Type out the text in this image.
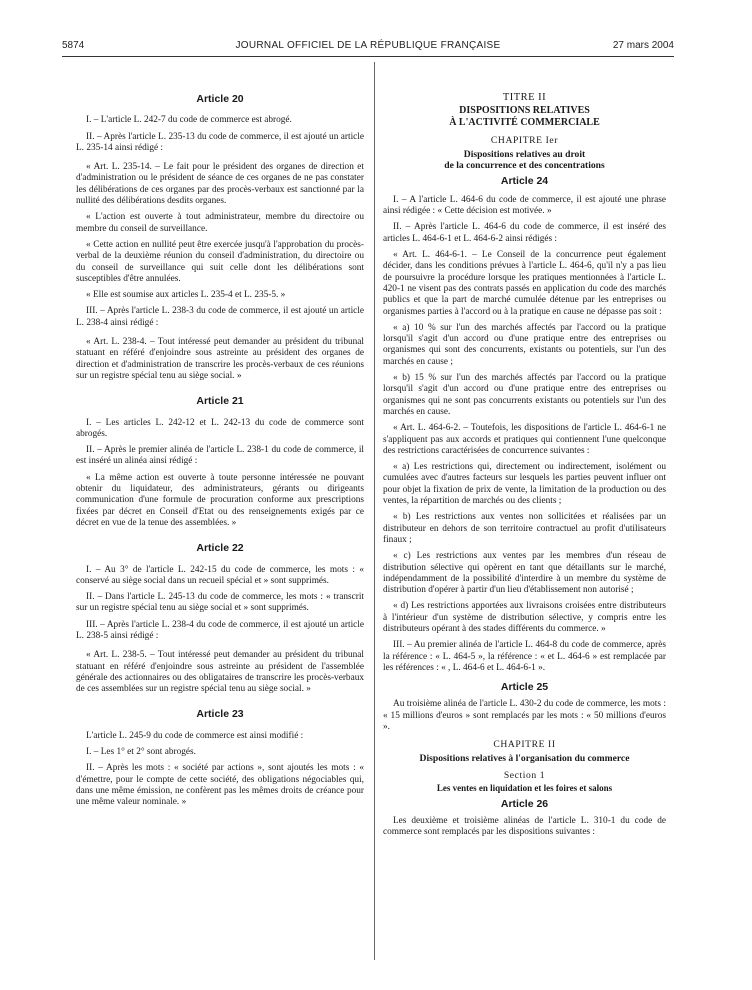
5874	JOURNAL OFFICIEL DE LA RÉPUBLIQUE FRANÇAISE	27 mars 2004
Article 20

I. – L'article L. 242-7 du code de commerce est abrogé.

II. – Après l'article L. 235-13 du code de commerce, il est ajouté un article L. 235-14 ainsi rédigé :

« Art. L. 235-14. – Le fait pour le président des organes de direction et d'administration ou le président de séance de ces organes de ne pas constater les délibérations de ces organes par des procès-verbaux est sanctionné par la nullité des délibérations desdits organes.

« L'action est ouverte à tout administrateur, membre du directoire ou membre du conseil de surveillance.

« Cette action en nullité peut être exercée jusqu'à l'approbation du procès-verbal de la deuxième réunion du conseil d'administration, du directoire ou du conseil de surveillance qui suit celle dont les délibérations sont susceptibles d'être annulées.

« Elle est soumise aux articles L. 235-4 et L. 235-5. »

III. – Après l'article L. 238-3 du code de commerce, il est ajouté un article L. 238-4 ainsi rédigé :

« Art. L. 238-4. – Tout intéressé peut demander au président du tribunal statuant en référé d'enjoindre sous astreinte au président des organes de direction et d'administration de transcrire les procès-verbaux de ces réunions sur un registre spécial tenu au siège social. »

Article 21

I. – Les articles L. 242-12 et L. 242-13 du code de commerce sont abrogés.

II. – Après le premier alinéa de l'article L. 238-1 du code de commerce, il est inséré un alinéa ainsi rédigé :

« La même action est ouverte à toute personne intéressée ne pouvant obtenir du liquidateur, des administrateurs, gérants ou dirigeants communication d'une formule de procuration conforme aux prescriptions fixées par décret en Conseil d'Etat ou des renseignements exigés par ce décret en vue de la tenue des assemblées. »

Article 22

I. – Au 3° de l'article L. 242-15 du code de commerce, les mots : « conservé au siège social dans un recueil spécial et » sont supprimés.

II. – Dans l'article L. 245-13 du code de commerce, les mots : « transcrit sur un registre spécial tenu au siège social et » sont supprimés.

III. – Après l'article L. 238-4 du code de commerce, il est ajouté un article L. 238-5 ainsi rédigé :

« Art. L. 238-5. – Tout intéressé peut demander au président du tribunal statuant en référé d'enjoindre sous astreinte au président de l'assemblée générale des actionnaires ou des obligataires de transcrire les procès-verbaux de ces assemblées sur un registre spécial tenu au siège social. »

Article 23

L'article L. 245-9 du code de commerce est ainsi modifié :

I. – Les 1° et 2° sont abrogés.

II. – Après les mots : « société par actions », sont ajoutés les mots : « d'émettre, pour le compte de cette société, des obligations négociables qui, dans une même émission, ne confèrent pas les mêmes droits de créance pour une même valeur nominale. »

TITRE II
DISPOSITIONS RELATIVES
À L'ACTIVITÉ COMMERCIALE
CHAPITRE Ier
Dispositions relatives au droit
de la concurrence et des concentrations
Article 24

I. – A l'article L. 464-6 du code de commerce, il est ajouté une phrase ainsi rédigée : « Cette décision est motivée. »

II. – Après l'article L. 464-6 du code de commerce, il est inséré des articles L. 464-6-1 et L. 464-6-2 ainsi rédigés :

« Art. L. 464-6-1. – Le Conseil de la concurrence peut également décider, dans les conditions prévues à l'article L. 464-6, qu'il n'y a pas lieu de poursuivre la procédure lorsque les pratiques mentionnées à l'article L. 420-1 ne visent pas des contrats passés en application du code des marchés publics et que la part de marché cumulée détenue par les entreprises ou organismes parties à l'accord ou à la pratique en cause ne dépasse pas soit :

« a) 10 % sur l'un des marchés affectés par l'accord ou la pratique lorsqu'il s'agit d'un accord ou d'une pratique entre des entreprises ou organismes qui sont des concurrents, existants ou potentiels, sur l'un des marchés en cause ;

« b) 15 % sur l'un des marchés affectés par l'accord ou la pratique lorsqu'il s'agit d'un accord ou d'une pratique entre des entreprises ou organismes qui ne sont pas concurrents existants ou potentiels sur l'un des marchés en cause.

« Art. L. 464-6-2. – Toutefois, les dispositions de l'article L. 464-6-1 ne s'appliquent pas aux accords et pratiques qui contiennent l'une quelconque des restrictions caractérisées de concurrence suivantes :

« a) Les restrictions qui, directement ou indirectement, isolément ou cumulées avec d'autres facteurs sur lesquels les parties peuvent influer ont pour objet la fixation de prix de vente, la limitation de la production ou des ventes, la répartition de marchés ou des clients ;

« b) Les restrictions aux ventes non sollicitées et réalisées par un distributeur en dehors de son territoire contractuel au profit d'utilisateurs finaux ;

« c) Les restrictions aux ventes par les membres d'un réseau de distribution sélective qui opèrent en tant que détaillants sur le marché, indépendamment de la possibilité d'interdire à un membre du système de distribution d'opérer à partir d'un lieu d'établissement non autorisé ;

« d) Les restrictions apportées aux livraisons croisées entre distributeurs à l'intérieur d'un système de distribution sélective, y compris entre les distributeurs opérant à des stades différents du commerce. »

III. – Au premier alinéa de l'article L. 464-8 du code de commerce, après la référence : « L. 464-5 », la référence : « et L. 464-6 » est remplacée par les références : « , L. 464-6 et L. 464-6-1 ».

Article 25

Au troisième alinéa de l'article L. 430-2 du code de commerce, les mots : « 15 millions d'euros » sont remplacés par les mots : « 50 millions d'euros ».

CHAPITRE II
Dispositions relatives à l'organisation du commerce
Section 1
Les ventes en liquidation et les foires et salons
Article 26

Les deuxième et troisième alinéas de l'article L. 310-1 du code de commerce sont remplacés par les dispositions suivantes :
